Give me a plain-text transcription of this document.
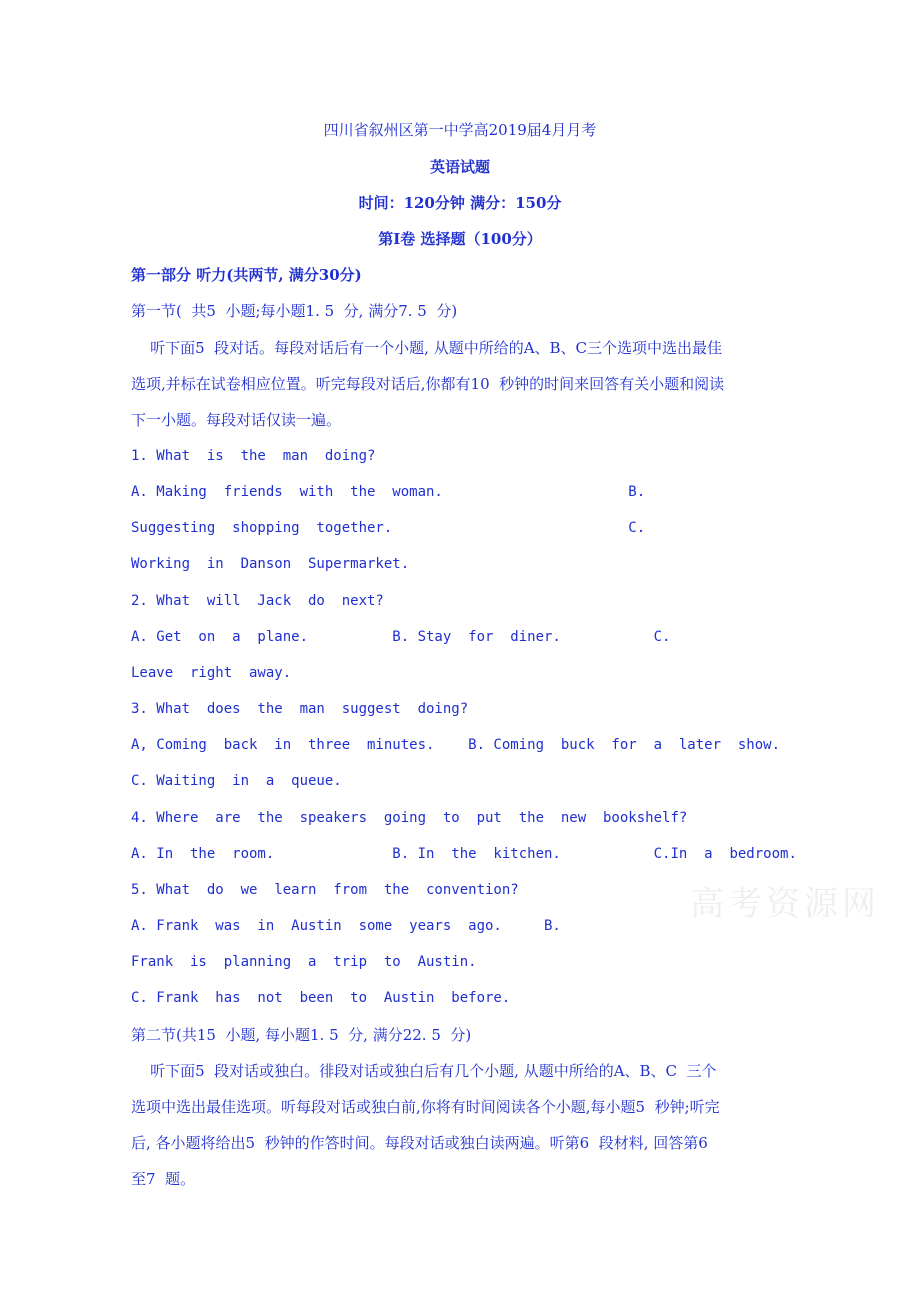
四川省叙州区第一中学高2019届4月月考
英语试题
时间：120分钟 满分：150分
第I卷 选择题（100分）
第一部分 听力(共两节, 满分30分)
第一节(  共5  小题;每小题1. 5  分, 满分7. 5  分)
听下面5  段对话。每段对话后有一个小题, 从题中所给的A、B、C三个选项中选出最佳
选项,并标在试卷相应位置。听完每段对话后,你都有10  秒钟的时间来回答有关小题和阅读
下一小题。每段对话仅读一遍。
1. What  is  the  man  doing?
A. Making  friends  with  the  woman.                      B.
Suggesting  shopping  together.                            C.
Working  in  Danson  Supermarket.
2. What  will  Jack  do  next?
A. Get  on  a  plane.          B. Stay  for  diner.           C.
Leave  right  away.
3. What  does  the  man  suggest  doing?
A, Coming  back  in  three  minutes.    B. Coming  buck  for  a  later  show.
C. Waiting  in  a  queue.
4. Where  are  the  speakers  going  to  put  the  new  bookshelf?
A. In  the  room.              B. In  the  kitchen.           C.In  a  bedroom.
5. What  do  we  learn  from  the  convention?
A. Frank  was  in  Austin  some  years  ago.     B.
Frank  is  planning  a  trip  to  Austin.
C. Frank  has  not  been  to  Austin  before.
第二节(共15  小题, 每小题1. 5  分, 满分22. 5  分)
听下面5  段对话或独白。徘段对话或独白后有几个小题, 从题中所给的A、B、C  三个
选项中选出最佳选项。听每段对话或独白前,你将有时间阅读各个小题,每小题5  秒钟;听完
后, 各小题将给出5  秒钟的作答时间。每段对话或独白读两遍。听第6  段材料, 回答第6
至7  题。
高考资源网
